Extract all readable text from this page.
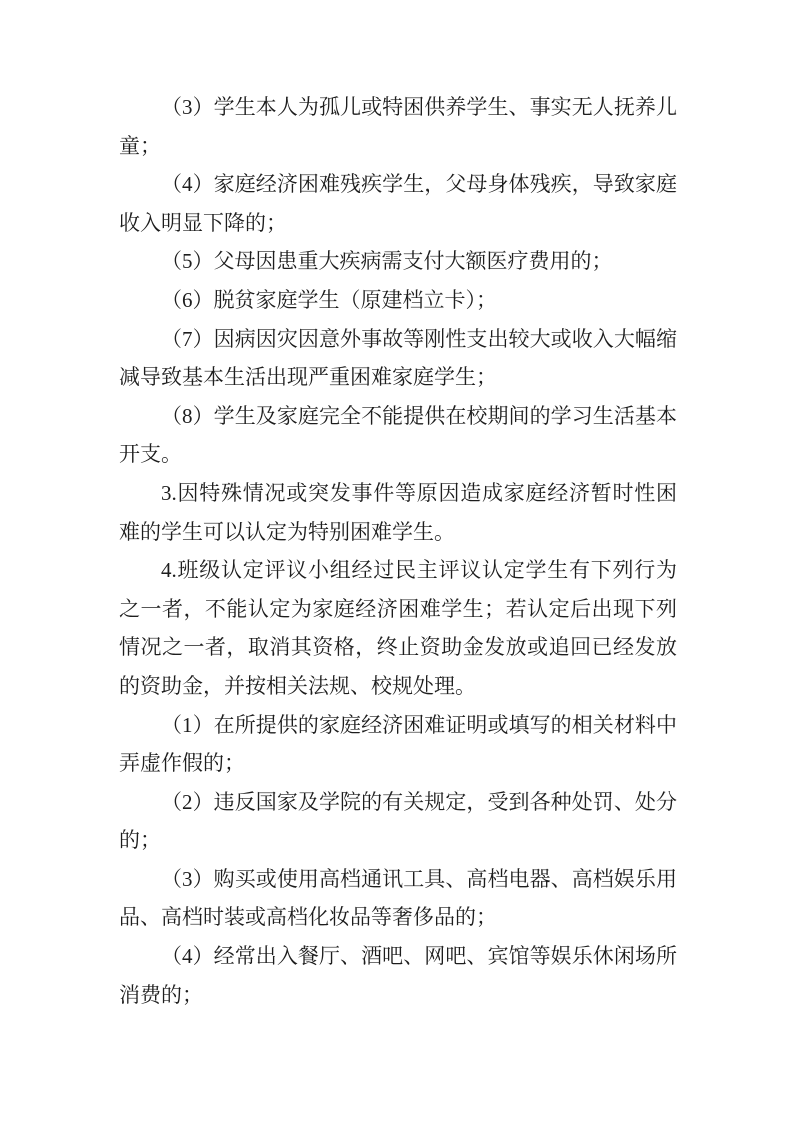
（3）学生本人为孤儿或特困供养学生、事实无人抚养儿童；

（4）家庭经济困难残疾学生，父母身体残疾，导致家庭收入明显下降的；

（5）父母因患重大疾病需支付大额医疗费用的；

（6）脱贫家庭学生（原建档立卡）；

（7）因病因灾因意外事故等刚性支出较大或收入大幅缩减导致基本生活出现严重困难家庭学生；

（8）学生及家庭完全不能提供在校期间的学习生活基本开支。

3.因特殊情况或突发事件等原因造成家庭经济暂时性困难的学生可以认定为特别困难学生。

4.班级认定评议小组经过民主评议认定学生有下列行为之一者，不能认定为家庭经济困难学生；若认定后出现下列情况之一者，取消其资格，终止资助金发放或追回已经发放的资助金，并按相关法规、校规处理。

（1）在所提供的家庭经济困难证明或填写的相关材料中弄虚作假的；

（2）违反国家及学院的有关规定，受到各种处罚、处分的；

（3）购买或使用高档通讯工具、高档电器、高档娱乐用品、高档时装或高档化妆品等奢侈品的；

（4）经常出入餐厅、酒吧、网吧、宾馆等娱乐休闲场所消费的；
